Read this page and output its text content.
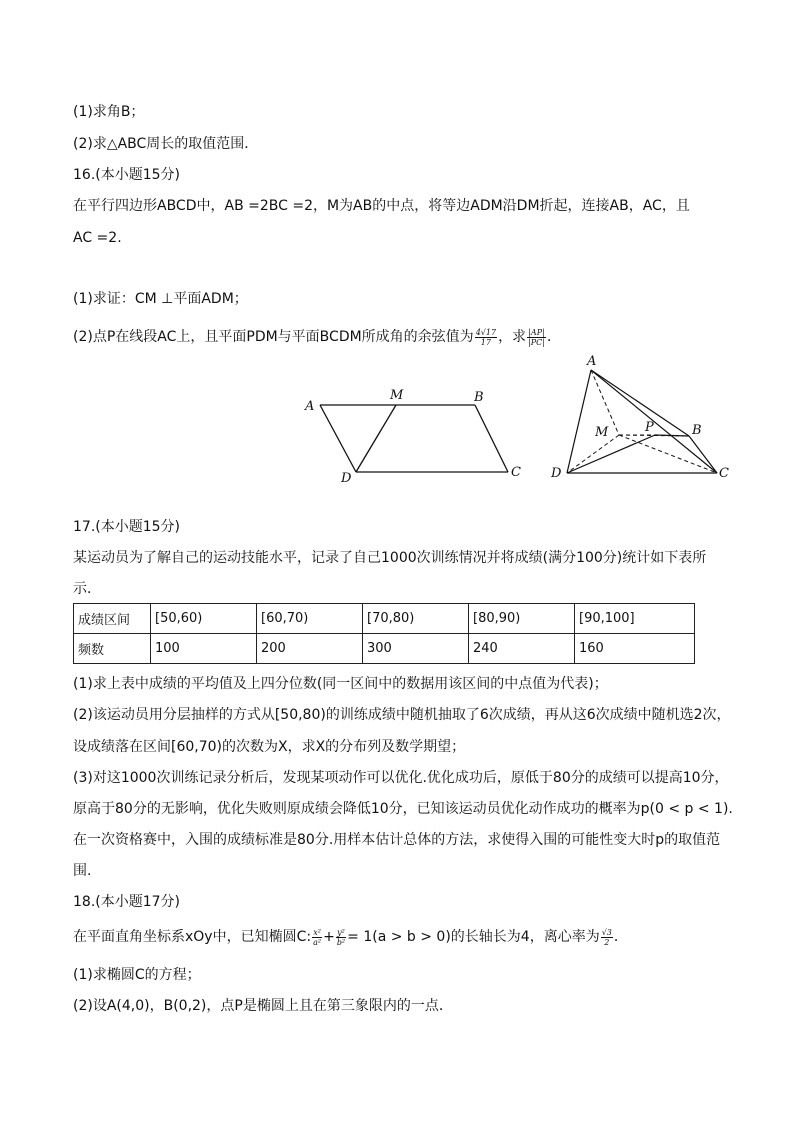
(1)求角B；
(2)求△ABC周长的取值范围．
16.(本小题15分)
在平行四边形ABCD中，AB =2BC =2，M为AB的中点，将等边ADM沿DM折起，连接AB，AC，且
AC =2.
(1)求证：CM ⊥平面ADM；
(2)点P在线段AC上，且平面PDM与平面BCDM所成角的余弦值为 $\frac{4√17}{17}$ ，求 $\frac{|AP|}{|PC|}$ ．
A
M	B
D	C
A
M	P	B
D	C
17.(本小题15分)
某运动员为了解自己的运动技能水平，记录了自己1000次训练情况并将成绩(满分100分)统计如下表所
示．
成绩区间	[50,60)	[60,70)	[70,80)	[80,90)	[90,100]
频数	100	200	300	240	160
(1)求上表中成绩的平均值及上四分位数(同一区间中的数据用该区间的中点值为代表)；
(2)该运动员用分层抽样的方式从[50,80)的训练成绩中随机抽取了6次成绩，再从这6次成绩中随机选2次，
设成绩落在区间[60,70)的次数为X，求X的分布列及数学期望；
(3)对这1000次训练记录分析后，发现某项动作可以优化.优化成功后，原低于80分的成绩可以提高10分，
原高于80分的无影响，优化失败则原成绩会降低10分，已知该运动员优化动作成功的概率为p(0 < p < 1).
在一次资格赛中，入围的成绩标准是80分.用样本估计总体的方法，求使得入围的可能性变大时p的取值范
围.
18.(本小题17分)
在平面直角坐标系xOy中，已知椭圆C: $\frac{\text{x²}}{\text{a²}} + \frac{\text{y²}}{\text{b²}} = 1(a > b > 0)$的长轴长为4，离心率为 $\frac{√3}{2}$ ．
(1)求椭圆C的方程；
(2)设A(4,0)，B(0,2)，点P是椭圆上且在第三象限内的一点．
